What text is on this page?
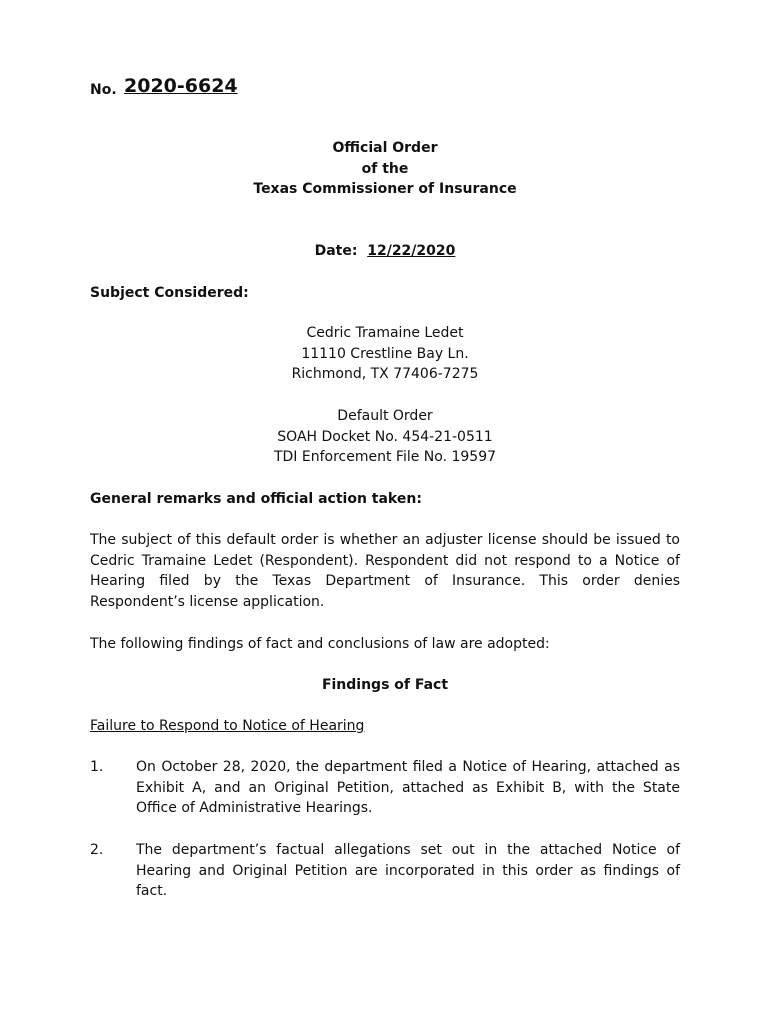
No. 2020-6624
Official Order
of the
Texas Commissioner of Insurance
Date: 12/22/2020
Subject Considered:
Cedric Tramaine Ledet
11110 Crestline Bay Ln.
Richmond, TX 77406-7275
Default Order
SOAH Docket No. 454-21-0511
TDI Enforcement File No. 19597
General remarks and official action taken:
The subject of this default order is whether an adjuster license should be issued to Cedric Tramaine Ledet (Respondent). Respondent did not respond to a Notice of Hearing filed by the Texas Department of Insurance. This order denies Respondent’s license application.
The following findings of fact and conclusions of law are adopted:
Findings of Fact
Failure to Respond to Notice of Hearing
1. On October 28, 2020, the department filed a Notice of Hearing, attached as Exhibit A, and an Original Petition, attached as Exhibit B, with the State Office of Administrative Hearings.
2. The department’s factual allegations set out in the attached Notice of Hearing and Original Petition are incorporated in this order as findings of fact.
